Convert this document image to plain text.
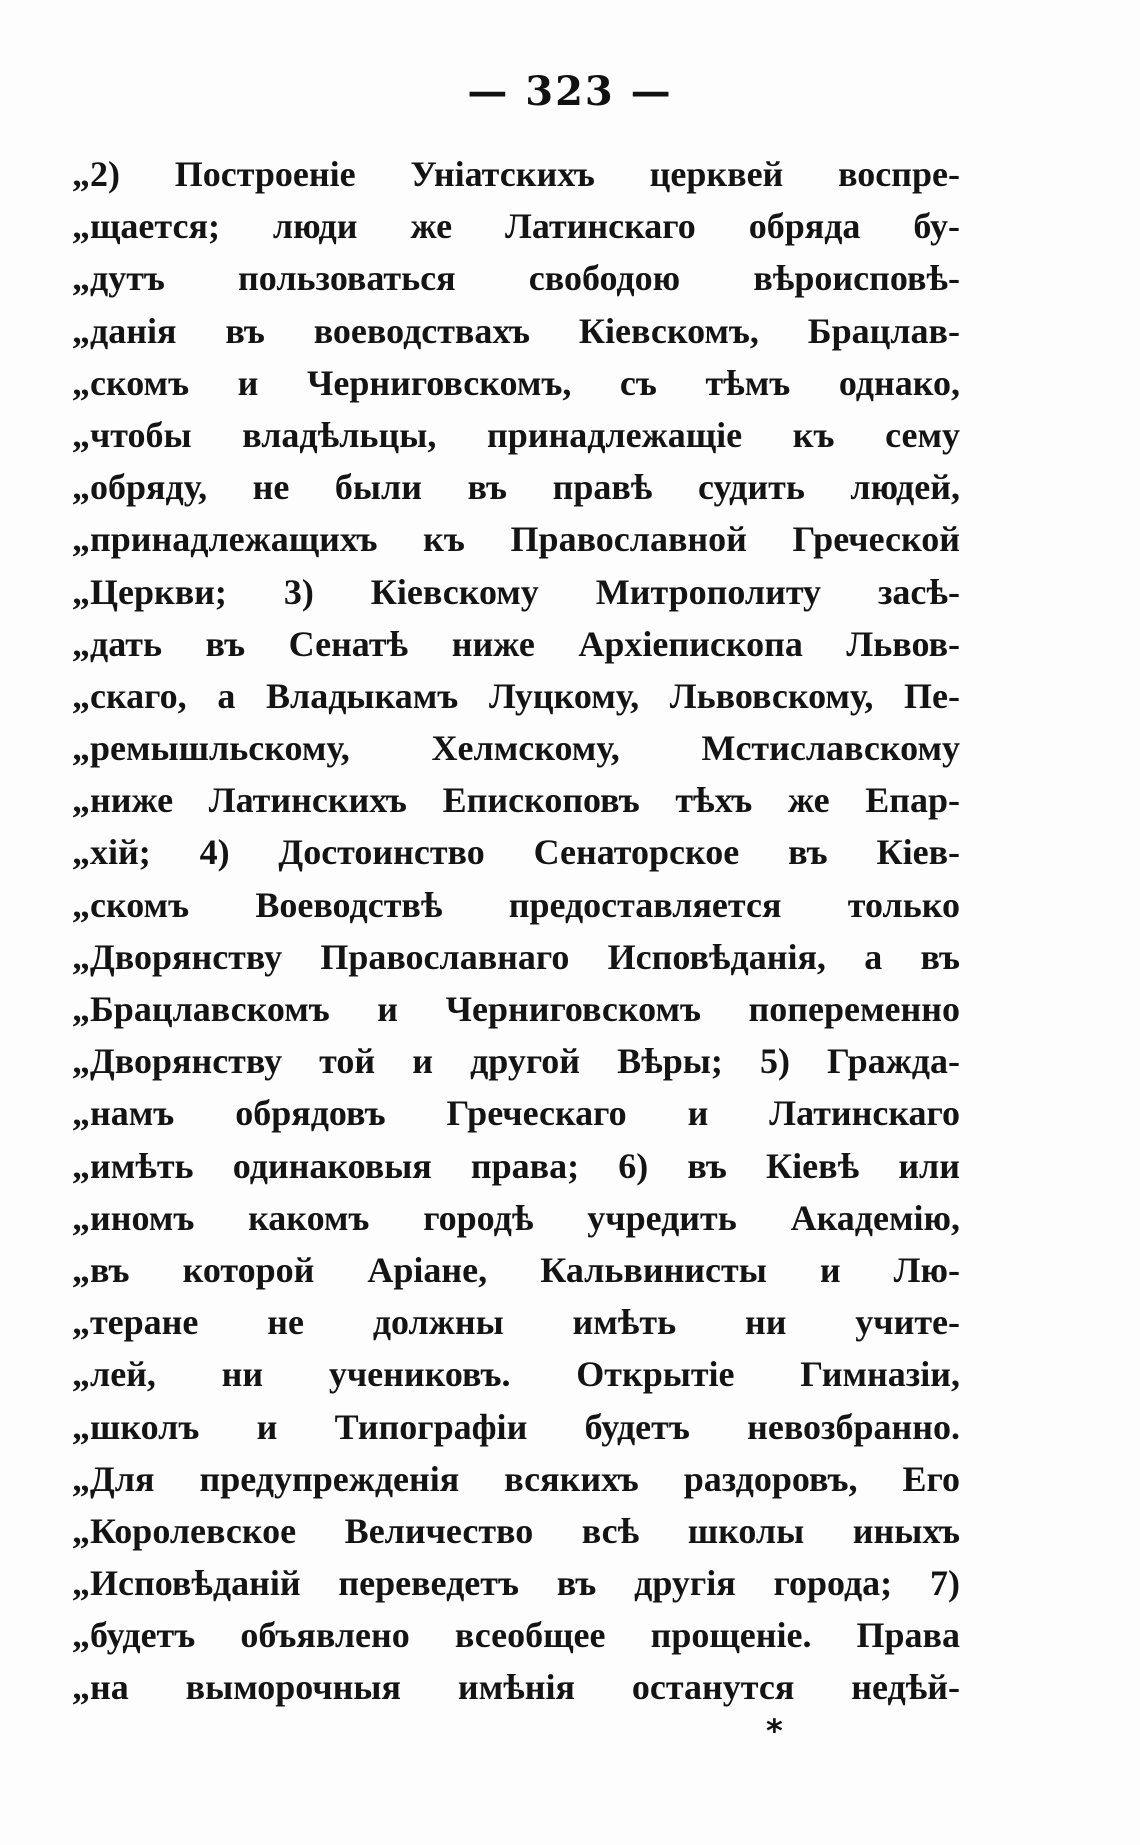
— 323 —
„2) Построеніе Уніатскихъ церквей воспре-
„щается; люди же Латинскаго обряда бу-
„дутъ пользоваться свободою вѣроисповѣ-
„данія въ воеводствахъ Кіевскомъ, Брацлав-
„скомъ и Черниговскомъ, съ тѣмъ однако,
„чтобы владѣльцы, принадлежащіе къ сему
„обряду, не были въ правѣ судить людей,
„принадлежащихъ къ Православной Греческой
„Церкви; 3) Кіевскому Митрополиту засѣ-
„дать въ Сенатѣ ниже Архіепископа Львов-
„скаго, а Владыкамъ Луцкому, Львовскому, Пе-
„ремышльскому, Хелмскому, Мстиславскому
„ниже Латинскихъ Епископовъ тѣхъ же Епар-
„хій; 4) Достоинство Сенаторское въ Кіев-
„скомъ Воеводствѣ предоставляется только
„Дворянству Православнаго Исповѣданія, а въ
„Брацлавскомъ и Черниговскомъ попеременно
„Дворянству той и другой Вѣры; 5) Гражда-
„намъ обрядовъ Греческаго и Латинскаго
„имѣть одинаковыя права; 6) въ Кіевѣ или
„иномъ какомъ городѣ учредить Академію,
„въ которой Аріане, Кальвинисты и Лю-
„теране не должны имѣть ни учите-
„лей, ни учениковъ. Открытіе Гимназіи,
„школъ и Типографіи будетъ невозбранно.
„Для предупрежденія всякихъ раздоровъ, Его
„Королевское Величество всѣ школы иныхъ
„Исповѣданій переведетъ въ другія города; 7)
„будетъ объявлено всеобщее прощеніе. Права
„на выморочныя имѣнія останутся недѣй-
*
